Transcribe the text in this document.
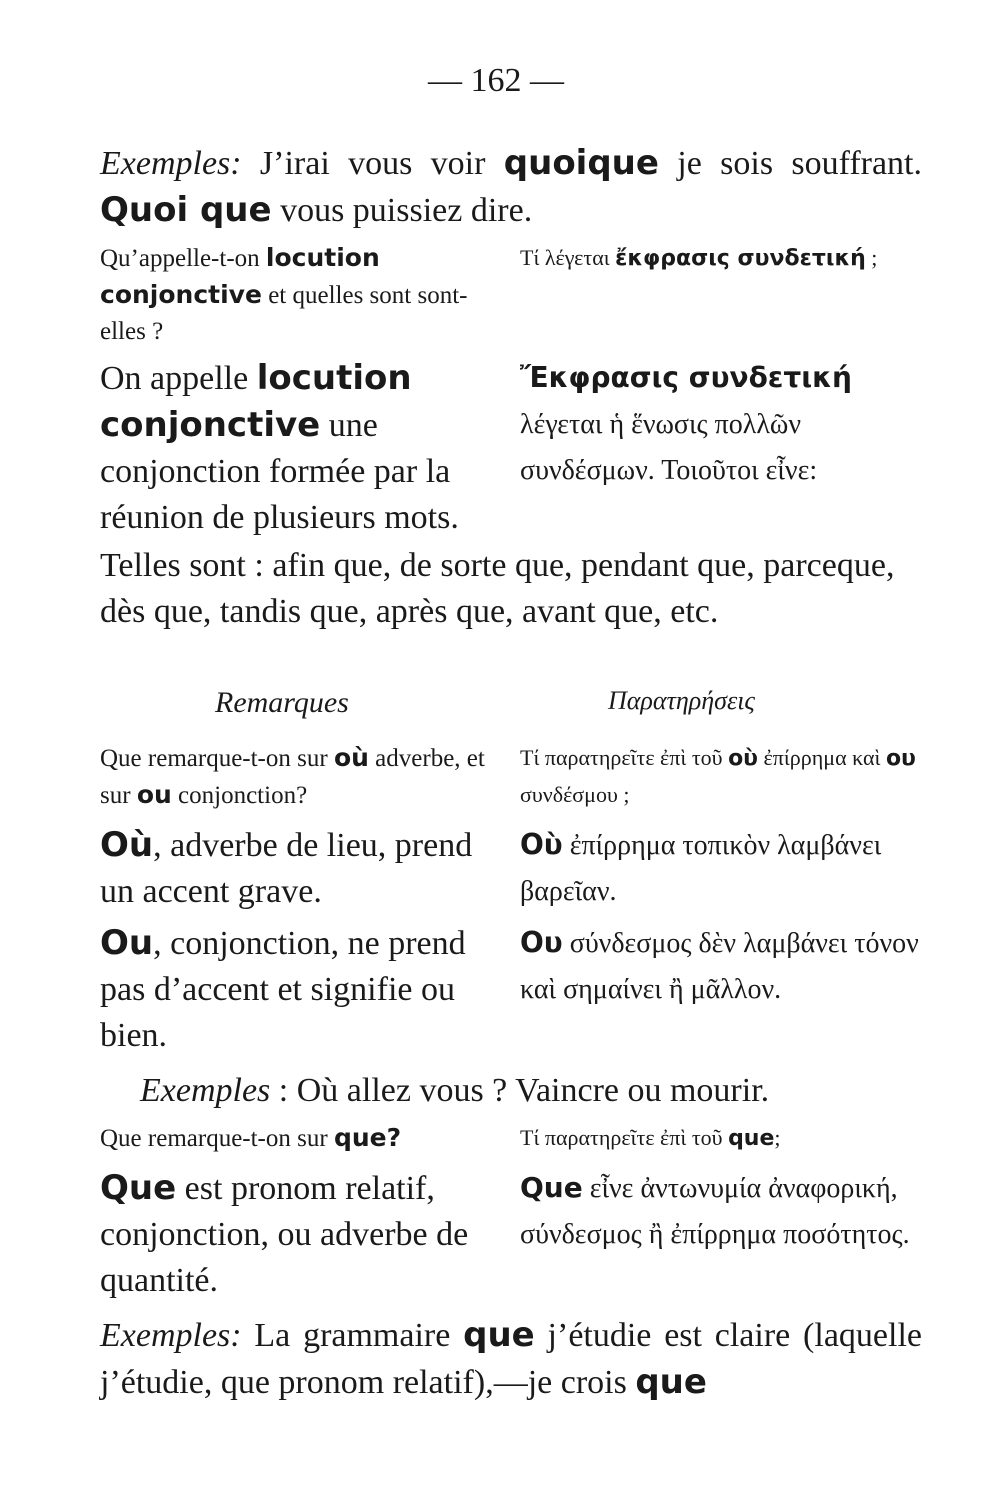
— 162 —

Exemples: J’irai vous voir quoique je sois souffrant. Quoi que vous puissiez dire.

Qu’appelle-t-on locution conjonctive et quelles sont sont-elles ?

Τί λέγεται ἔκφρασις συνδετική ;

On appelle locution conjonctive une conjonction formée par la réunion de plusieurs mots.

Ἔκφρασις συνδετική λέγεται ἡ ἕνωσις πολλῶν συνδέσμων. Τοιοῦτοι εἶνε:

Telles sont : afin que, de sorte que, pendant que, parceque, dès que, tandis que, après que, avant que, etc.

Remarques	Παρατηρήσεις

Que remarque-t-on sur où adverbe, et sur ou conjonction?

Τί παρατηρεῖτε ἐπὶ τοῦ οὺ ἐπίρρημα καὶ ου συνδέσμου ;

Où, adverbe de lieu, prend un accent grave.

Οὺ ἐπίρρημα τοπικὸν λαμβάνει βαρεῖαν.

Ou, conjonction, ne prend pas d’accent et signifie ou bien.

Ου σύνδεσμος δὲν λαμβάνει τόνον καὶ σημαίνει ἢ μᾶλλον.

Exemples : Où allez vous ? Vaincre ou mourir.

Que remarque-t-on sur que?	Τί παρατηρεῖτε ἐπὶ τοῦ que;

Que est pronom relatif, conjonction, ou adverbe de quantité.

Que εἶνε ἀντωνυμία ἀναφορική, σύνδεσμος ἢ ἐπίρρημα ποσότητος.

Exemples: La grammaire que j’étudie est claire (laquelle j’étudie, que pronom relatif),—je crois que
